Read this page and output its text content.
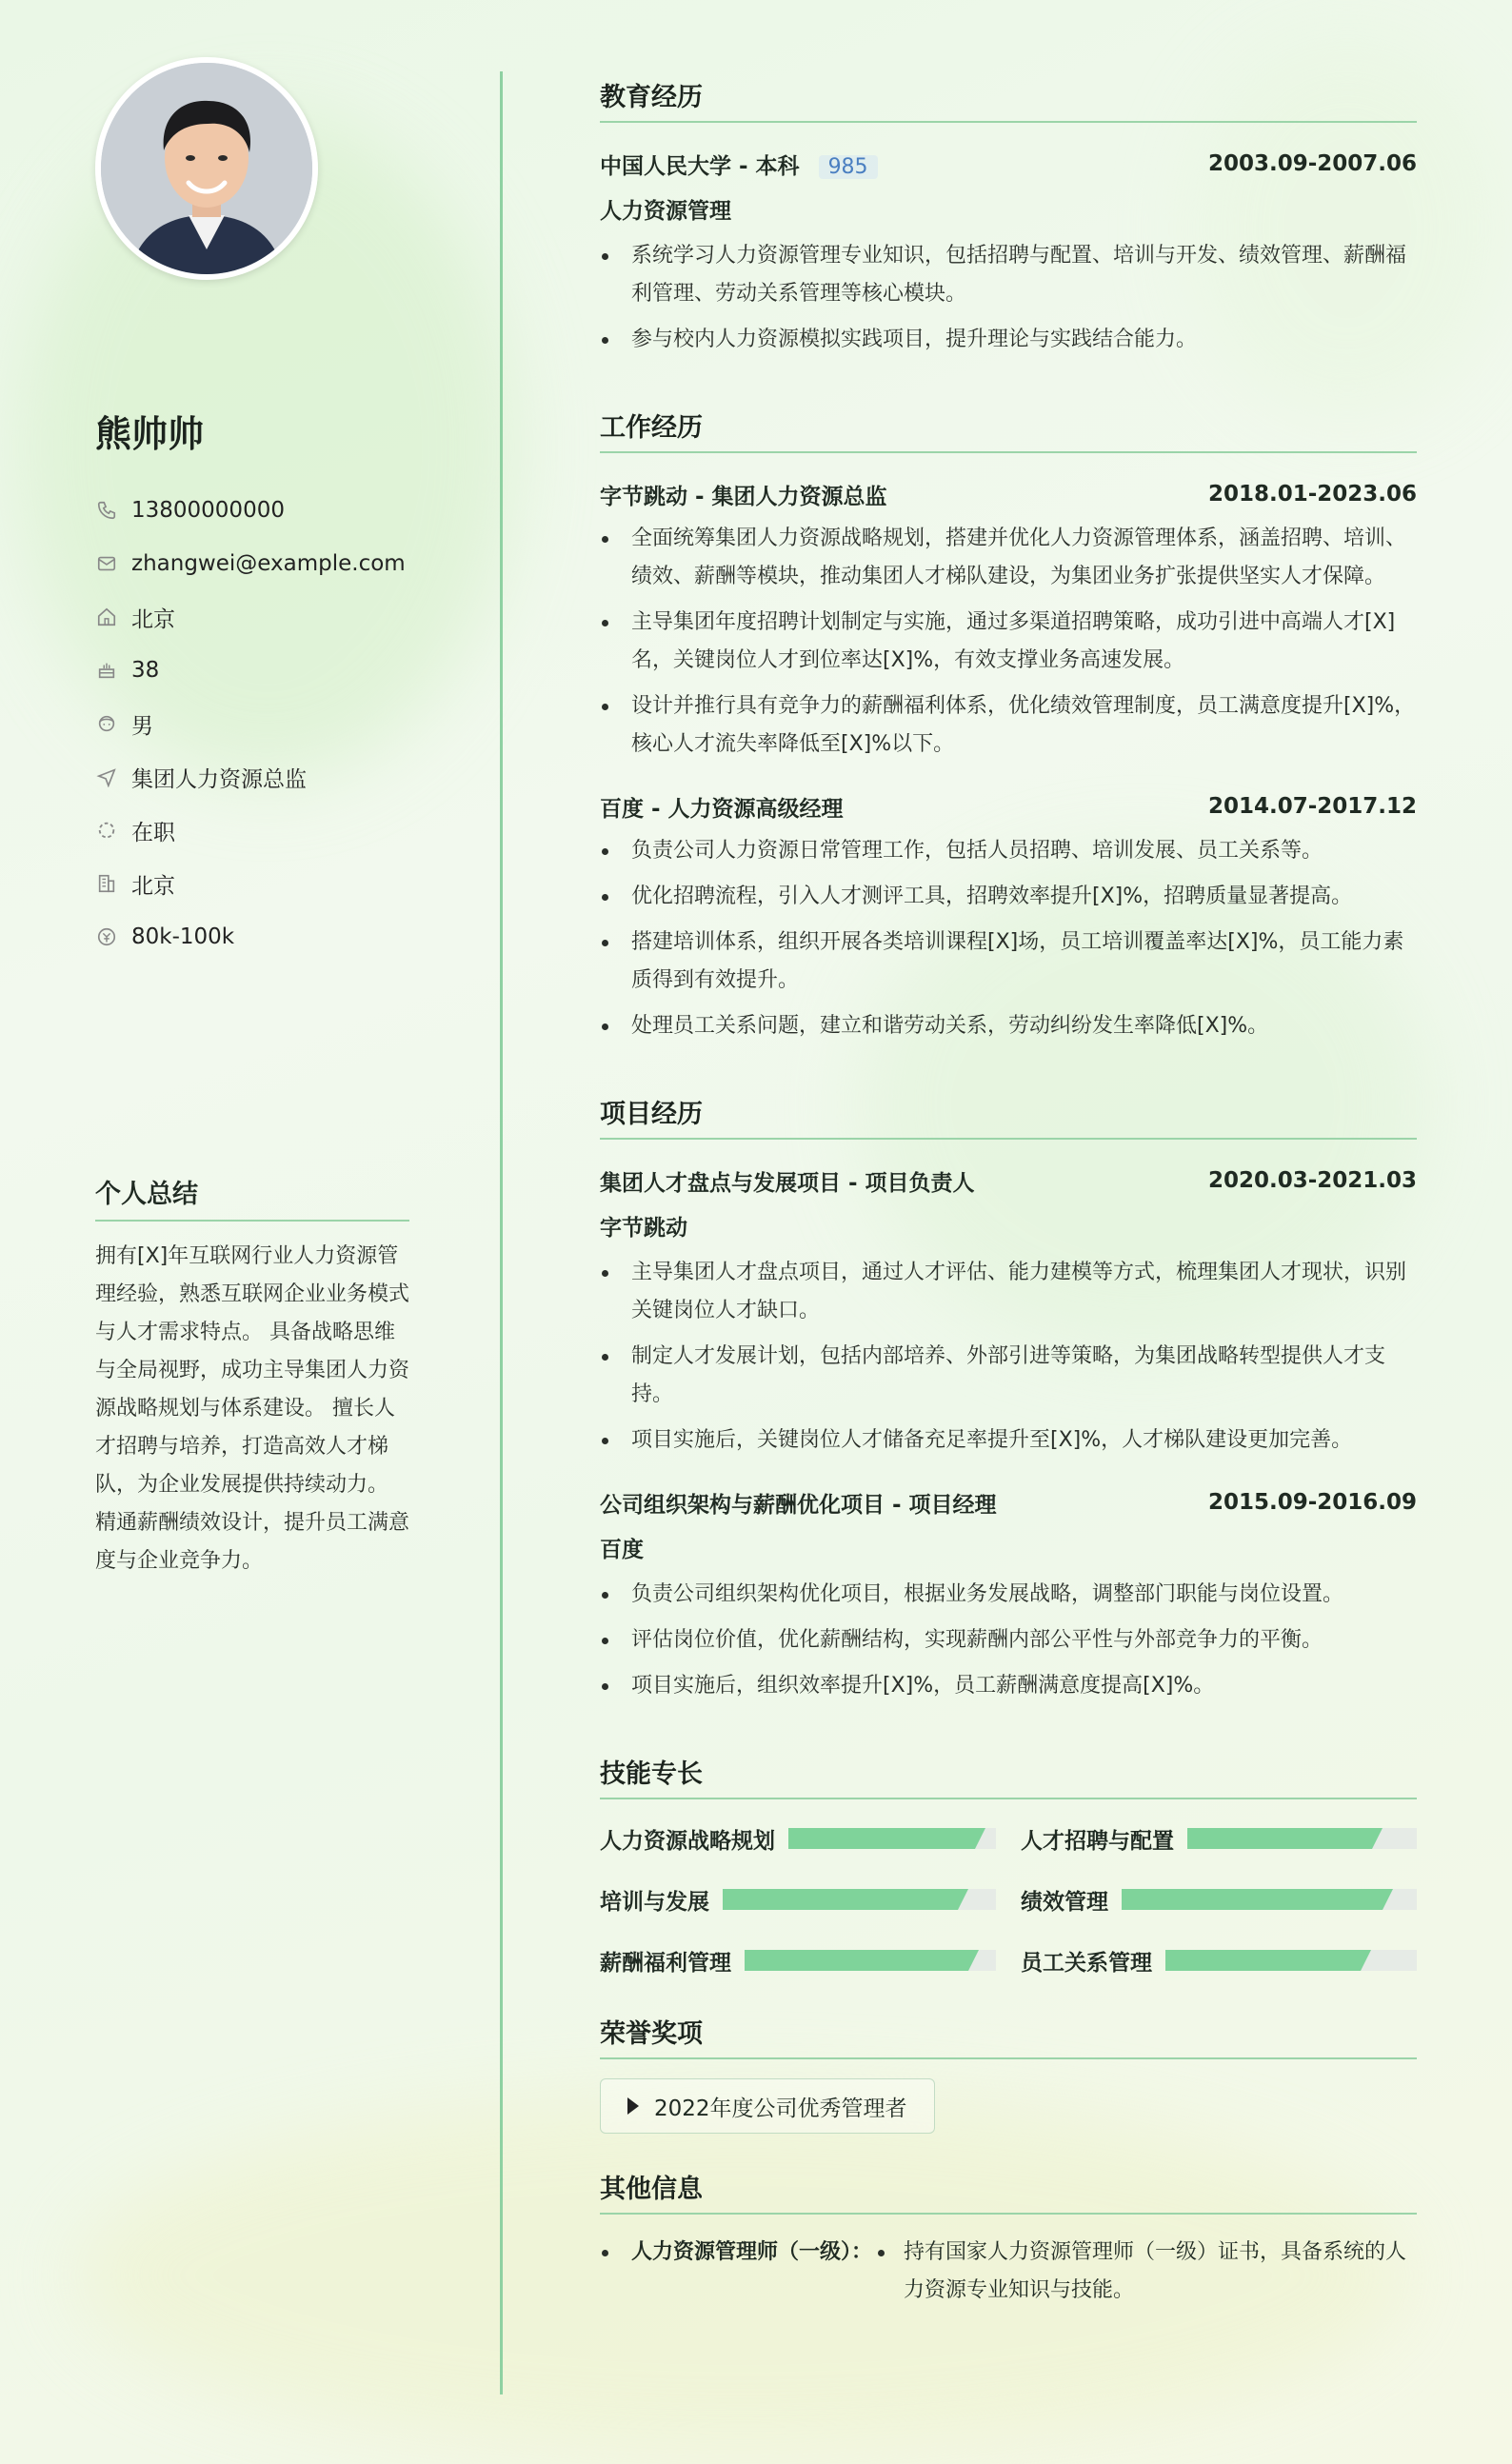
熊帅帅
13800000000
zhangwei@example.com
北京
38
男
集团人力资源总监
在职
北京
80k-100k
个人总结
拥有[X]年互联网行业人力资源管理经验，熟悉互联网企业业务模式与人才需求特点。 具备战略思维与全局视野，成功主导集团人力资源战略规划与体系建设。 擅长人才招聘与培养，打造高效人才梯队，为企业发展提供持续动力。 精通薪酬绩效设计，提升员工满意度与企业竞争力。
教育经历
中国人民大学 - 本科 985	2003.09-2007.06
人力资源管理
系统学习人力资源管理专业知识，包括招聘与配置、培训与开发、绩效管理、薪酬福利管理、劳动关系管理等核心模块。
参与校内人力资源模拟实践项目，提升理论与实践结合能力。
工作经历
字节跳动 - 集团人力资源总监	2018.01-2023.06
全面统筹集团人力资源战略规划，搭建并优化人力资源管理体系，涵盖招聘、培训、绩效、薪酬等模块，推动集团人才梯队建设，为集团业务扩张提供坚实人才保障。
主导集团年度招聘计划制定与实施，通过多渠道招聘策略，成功引进中高端人才[X]名，关键岗位人才到位率达[X]%，有效支撑业务高速发展。
设计并推行具有竞争力的薪酬福利体系，优化绩效管理制度，员工满意度提升[X]%，核心人才流失率降低至[X]%以下。
百度 - 人力资源高级经理	2014.07-2017.12
负责公司人力资源日常管理工作，包括人员招聘、培训发展、员工关系等。
优化招聘流程，引入人才测评工具，招聘效率提升[X]%，招聘质量显著提高。
搭建培训体系，组织开展各类培训课程[X]场，员工培训覆盖率达[X]%，员工能力素质得到有效提升。
处理员工关系问题，建立和谐劳动关系，劳动纠纷发生率降低[X]%。
项目经历
集团人才盘点与发展项目 - 项目负责人	2020.03-2021.03
字节跳动
主导集团人才盘点项目，通过人才评估、能力建模等方式，梳理集团人才现状，识别关键岗位人才缺口。
制定人才发展计划，包括内部培养、外部引进等策略，为集团战略转型提供人才支持。
项目实施后，关键岗位人才储备充足率提升至[X]%，人才梯队建设更加完善。
公司组织架构与薪酬优化项目 - 项目经理	2015.09-2016.09
百度
负责公司组织架构优化项目，根据业务发展战略，调整部门职能与岗位设置。
评估岗位价值，优化薪酬结构，实现薪酬内部公平性与外部竞争力的平衡。
项目实施后，组织效率提升[X]%，员工薪酬满意度提高[X]%。
技能专长
人力资源战略规划	人才招聘与配置
培训与发展	绩效管理
薪酬福利管理	员工关系管理
荣誉奖项
2022年度公司优秀管理者
其他信息
人力资源管理师（一级）：	持有国家人力资源管理师（一级）证书，具备系统的人力资源专业知识与技能。
